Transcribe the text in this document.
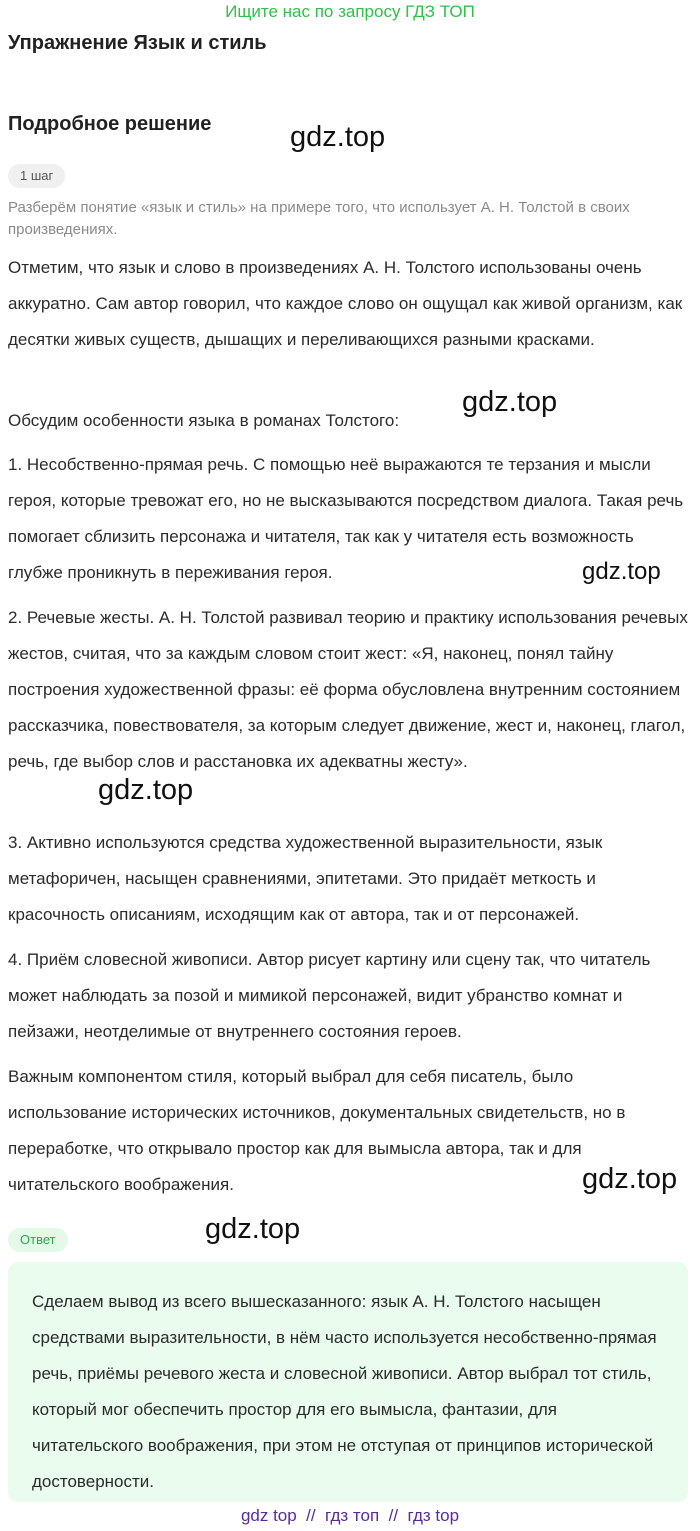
Ищите нас по запросу ГДЗ ТОП
Упражнение Язык и стиль
Подробное решение	gdz.top
1 шаг
Разберём понятие «язык и стиль» на примере того, что использует А. Н. Толстой в своих произведениях.
Отметим, что язык и слово в произведениях А. Н. Толстого использованы очень аккуратно. Сам автор говорил, что каждое слово он ощущал как живой организм, как десятки живых существ, дышащих и переливающихся разными красками.
Обсудим особенности языка в романах Толстого:
gdz.top
1. Несобственно-прямая речь. С помощью неё выражаются те терзания и мысли героя, которые тревожат его, но не высказываются посредством диалога. Такая речь помогает сблизить персонажа и читателя, так как у читателя есть возможность глубже проникнуть в переживания героя.	gdz.top
2. Речевые жесты. А. Н. Толстой развивал теорию и практику использования речевых жестов, считая, что за каждым словом стоит жест: «Я, наконец, понял тайну построения художественной фразы: её форма обусловлена внутренним состоянием рассказчика, повествователя, за которым следует движение, жест и, наконец, глагол, речь, где выбор слов и расстановка их адекватны жесту».
gdz.top
3. Активно используются средства художественной выразительности, язык метафоричен, насыщен сравнениями, эпитетами. Это придаёт меткость и красочность описаниям, исходящим как от автора, так и от персонажей.
4. Приём словесной живописи. Автор рисует картину или сцену так, что читатель может наблюдать за позой и мимикой персонажей, видит убранство комнат и пейзажи, неотделимые от внутреннего состояния героев.
Важным компонентом стиля, который выбрал для себя писатель, было использование исторических источников, документальных свидетельств, но в переработке, что открывало простор как для вымысла автора, так и для читательского воображения.	gdz.top
gdz.top
Ответ
Сделаем вывод из всего вышесказанного: язык А. Н. Толстого насыщен средствами выразительности, в нём часто используется несобственно-прямая речь, приёмы речевого жеста и словесной живописи. Автор выбрал тот стиль, который мог обеспечить простор для его вымысла, фантазии, для читательского воображения, при этом не отступая от принципов исторической достоверности.
gdz top  //  гдз топ  //  гдз top
